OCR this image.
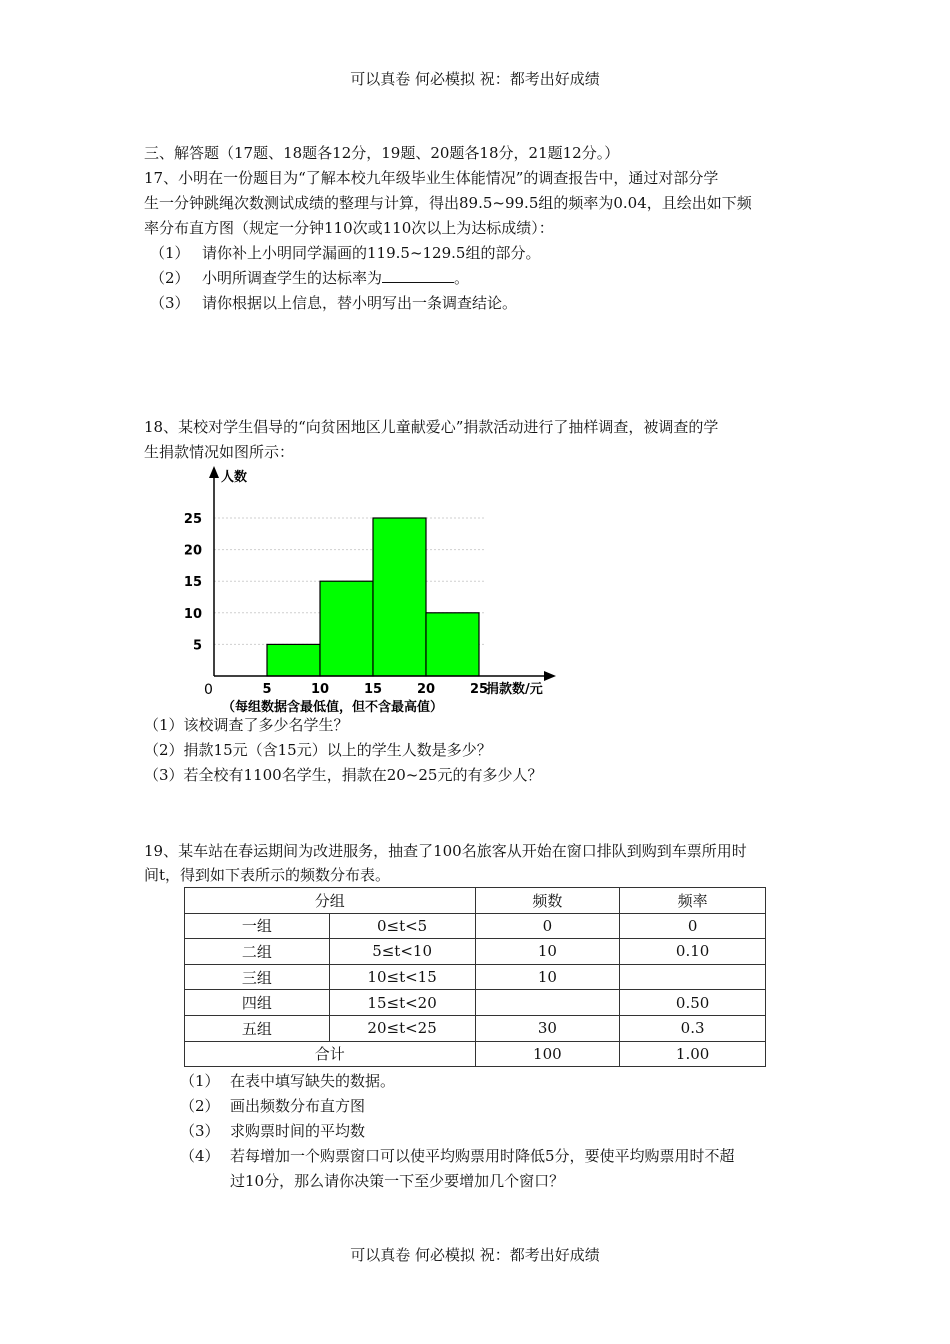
可以真卷 何必模拟 祝：都考出好成绩
三、解答题（17题、18题各12分，19题、20题各18分，21题12分。）
17、小明在一份题目为“了解本校九年级毕业生体能情况”的调查报告中，通过对部分学
生一分钟跳绳次数测试成绩的整理与计算，得出89.5~99.5组的频率为0.04，且绘出如下频
率分布直方图（规定一分钟110次或110次以上为达标成绩）：
（1） 请你补上小明同学漏画的119.5~129.5组的部分。
（2） 小明所调查学生的达标率为	。
（3） 请你根据以上信息，替小明写出一条调查结论。
18、某校对学生倡导的“向贫困地区儿童献爱心”捐款活动进行了抽样调查，被调查的学
生捐款情况如图所示：
5	10	15	20	25
5
10
15
20
25
人数
捐款数/元
0
（每组数据含最低值，但不含最高值）
（1）该校调查了多少名学生？
（2）捐款15元（含15元）以上的学生人数是多少？
（3）若全校有1100名学生，捐款在20~25元的有多少人？
19、某车站在春运期间为改进服务，抽查了100名旅客从开始在窗口排队到购到车票所用时
间t，得到如下表所示的频数分布表。
分组		频数	频率
一组	0≤t<5	0	0
二组	5≤t<10	10	0.10
三组	10≤t<15	10	
四组	15≤t<20		0.50
五组	20≤t<25	30	0.3
合计		100	1.00
（1） 在表中填写缺失的数据。
（2） 画出频数分布直方图
（3） 求购票时间的平均数
（4） 若每增加一个购票窗口可以使平均购票用时降低5分，要使平均购票用时不超
过10分，那么请你决策一下至少要增加几个窗口？
可以真卷 何必模拟 祝：都考出好成绩
